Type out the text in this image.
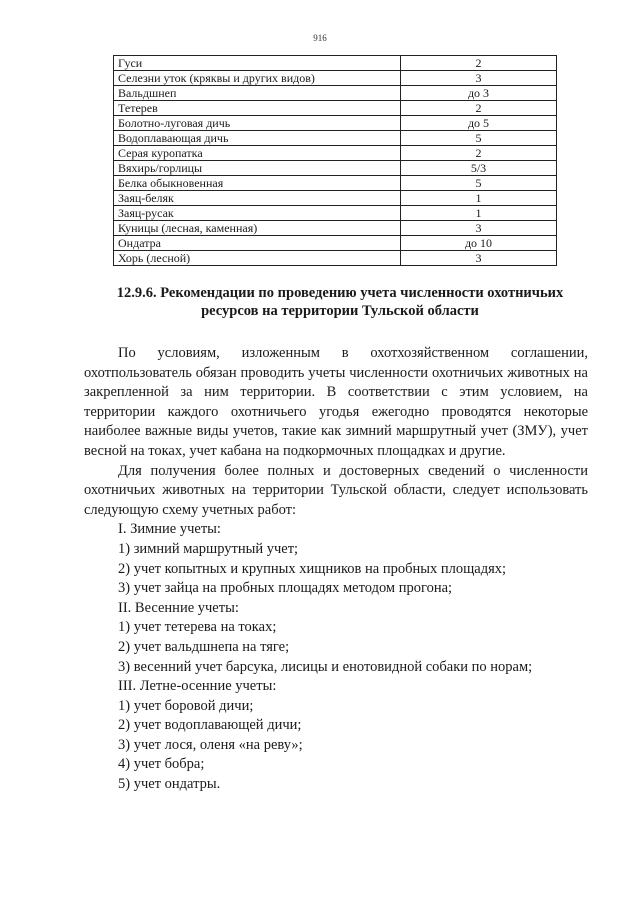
916
Гуси	2
Селезни уток (кряквы и других видов)	3
Вальдшнеп	до 3
Тетерев	2
Болотно-луговая дичь	до 5
Водоплавающая дичь	5
Серая куропатка	2
Вяхирь/горлицы	5/3
Белка обыкновенная	5
Заяц-беляк	1
Заяц-русак	1
Куницы (лесная, каменная)	3
Ондатра	до 10
Хорь (лесной)	3
12.9.6. Рекомендации по проведению учета численности охотничьих
ресурсов на территории Тульской области

По условиям, изложенным в охотхозяйственном соглашении, охотпользователь обязан проводить учеты численности охотничьих животных на закрепленной за ним территории. В соответствии с этим условием, на территории каждого охотничьего угодья ежегодно проводятся некоторые наиболее важные виды учетов, такие как зимний маршрутный учет (ЗМУ), учет весной на токах, учет кабана на подкормочных площадках и другие.

Для получения более полных и достоверных сведений о численности охотничьих животных на территории Тульской области, следует использовать следующую схему учетных работ:

I. Зимние учеты:
1) зимний маршрутный учет;
2) учет копытных и крупных хищников на пробных площадях;
3) учет зайца на пробных площадях методом прогона;
II. Весенние учеты:
1) учет тетерева на токах;
2) учет вальдшнепа на тяге;
3) весенний учет барсука, лисицы и енотовидной собаки по норам;
III. Летне-осенние учеты:
1) учет боровой дичи;
2) учет водоплавающей дичи;
3) учет лося, оленя «на реву»;
4) учет бобра;
5) учет ондатры.
